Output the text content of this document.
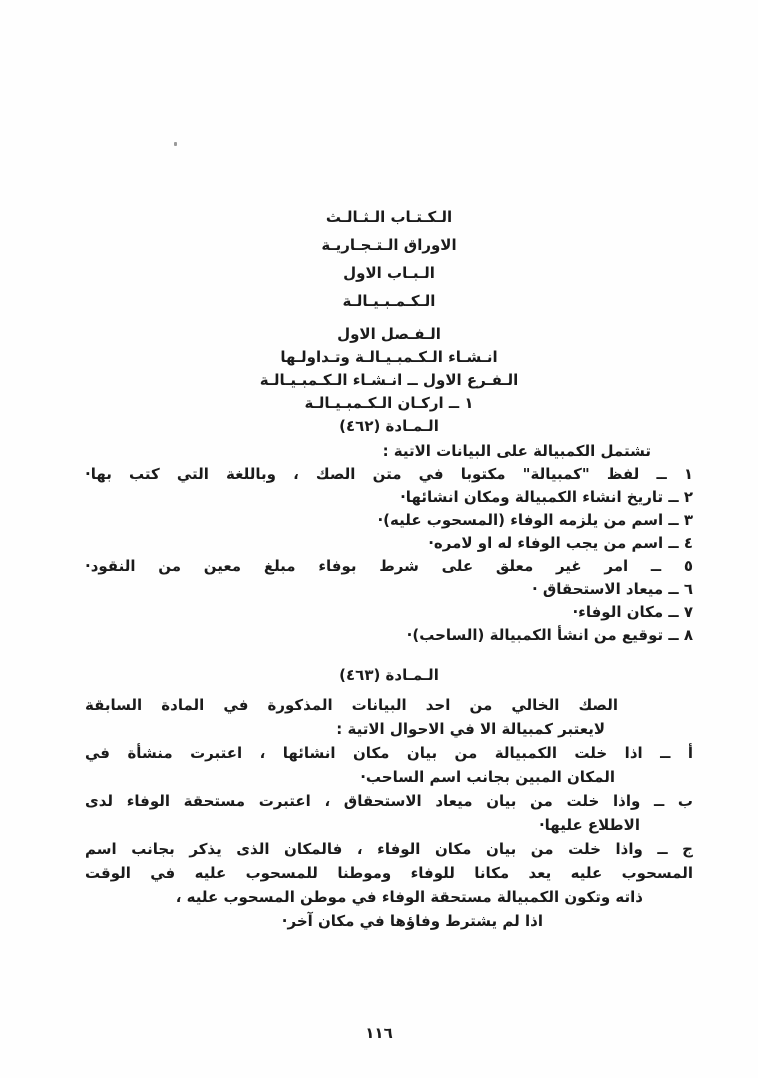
الـكـتـاب الـثـالـث
الاوراق الـتـجـاريـة
الـبـاب الاول
الـكـمـبـيـالـة
الـفـصل الاول
انـشـاء الـكـمبـيـالـة وتـداولـها
الـفـرع الاول ــ انـشـاء الـكـمبـيـالـة
١ ــ اركـان الـكـمبـيـالـة
الـمـادة (٤٦٢)
تشتمل الكمبيالة على البيانات الاتية :
١ ــ لفظ "كمبيالة" مكتوبا في متن الصك ، وباللغة التي كتب بها·
٢ ــ تاريخ انشاء الكمبيالة ومكان انشائها·
٣ ــ اسم من يلزمه الوفاء (المسحوب عليه)·
٤ ــ اسم من يجب الوفاء له او لامره·
٥ ــ امر غير معلق على شرط بوفاء مبلغ معين من النقود·
٦ ــ ميعاد الاستحقاق ·
٧ ــ مكان الوفاء·
٨ ــ توقيع من انشأ الكمبيالة (الساحب)·
الـمـادة (٤٦٣)
الصك الخالي من احد البيانات المذكورة في المادة السابقة
لايعتبر كمبيالة الا في الاحوال الاتية :
أ ــ اذا خلت الكمبيالة من بيان مكان انشائها ، اعتبرت منشأة في
المكان المبين بجانب اسم الساحب·
ب ــ واذا خلت من بيان ميعاد الاستحقاق ، اعتبرت مستحقة الوفاء لدى
الاطلاع عليها·
ج ــ واذا خلت من بيان مكان الوفاء ، فالمكان الذى يذكر بجانب اسم
المسحوب عليه يعد مكانا للوفاء وموطنا للمسحوب عليه في الوقت
ذاته وتكون الكمبيالة مستحقة الوفاء في موطن المسحوب عليه ،
اذا لم يشترط وفاؤها في مكان آخر·
١١٦
